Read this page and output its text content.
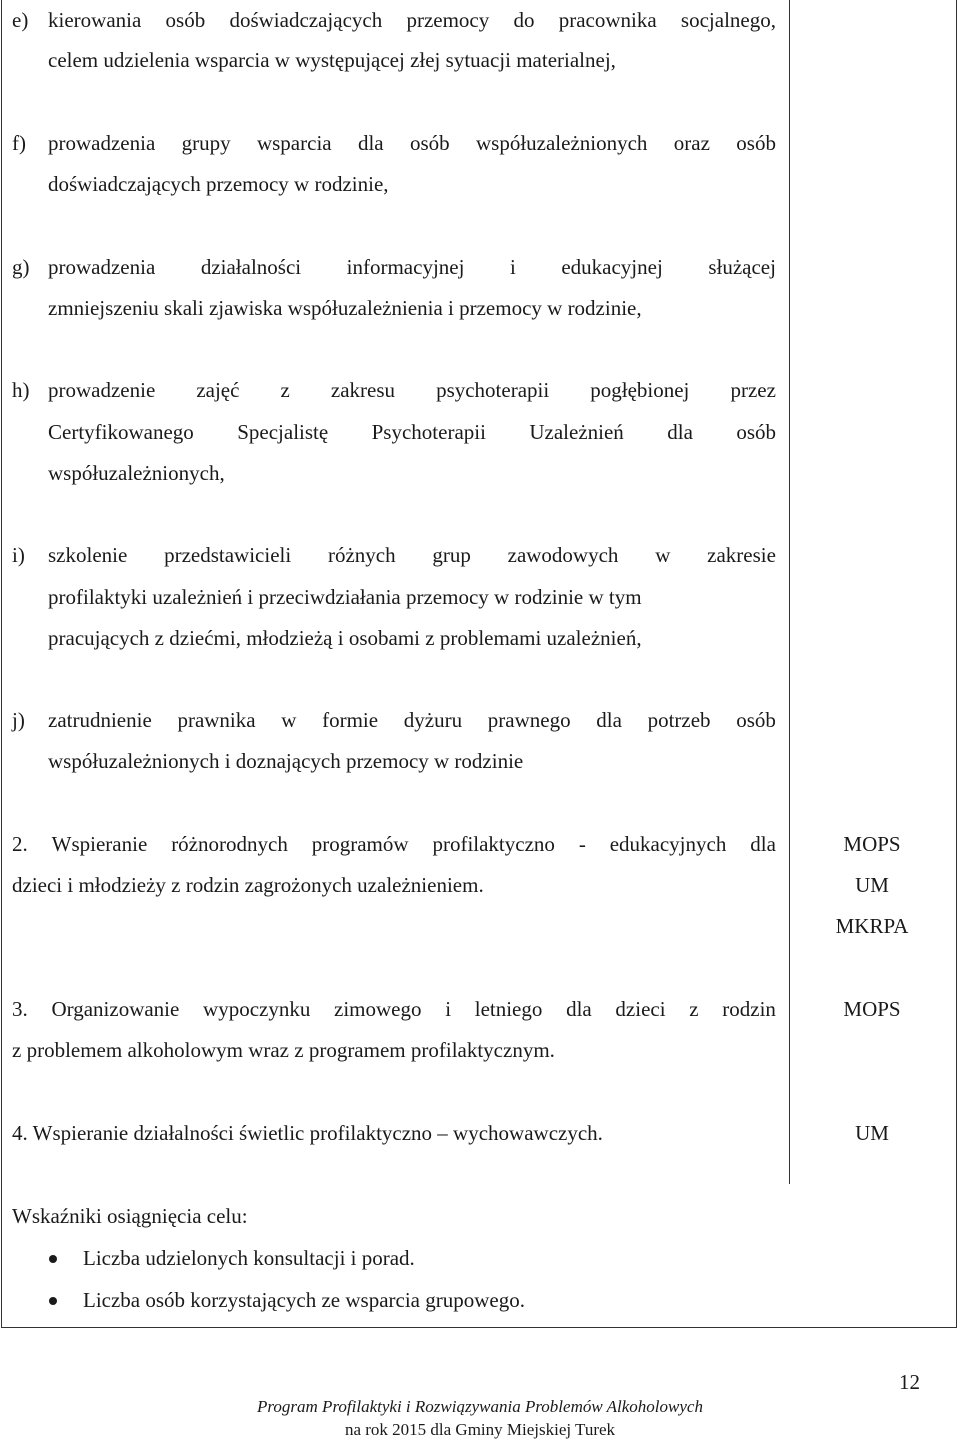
e) kierowania osób doświadczających przemocy do pracownika socjalnego,
celem udzielenia wsparcia w występującej złej sytuacji materialnej,
f) prowadzenia grupy wsparcia dla osób współuzależnionych oraz osób
doświadczających przemocy w rodzinie,
g) prowadzenia działalności informacyjnej i edukacyjnej służącej
zmniejszeniu skali zjawiska współuzależnienia i przemocy w rodzinie,
h) prowadzenie zajęć z zakresu psychoterapii pogłębionej przez
Certyfikowanego Specjalistę Psychoterapii Uzależnień dla osób
współuzależnionych,
i) szkolenie przedstawicieli różnych grup zawodowych w zakresie
profilaktyki uzależnień i przeciwdziałania przemocy w rodzinie w tym
pracujących z dziećmi, młodzieżą i osobami z problemami uzależnień,
j) zatrudnienie prawnika w formie dyżuru prawnego dla potrzeb osób
współuzależnionych i doznających przemocy w rodzinie
2. Wspieranie różnorodnych programów profilaktyczno - edukacyjnych dla
dzieci i młodzieży z rodzin zagrożonych uzależnieniem.
MOPS
UM
MKRPA
3. Organizowanie wypoczynku zimowego i letniego dla dzieci z rodzin
z problemem alkoholowym wraz z programem profilaktycznym.
MOPS
4. Wspieranie działalności świetlic profilaktyczno – wychowawczych.	UM
Wskaźniki osiągnięcia celu:
Liczba udzielonych konsultacji i porad.
Liczba osób korzystających ze wsparcia grupowego.
12
Program Profilaktyki i Rozwiązywania Problemów Alkoholowych
na rok 2015 dla Gminy Miejskiej Turek
